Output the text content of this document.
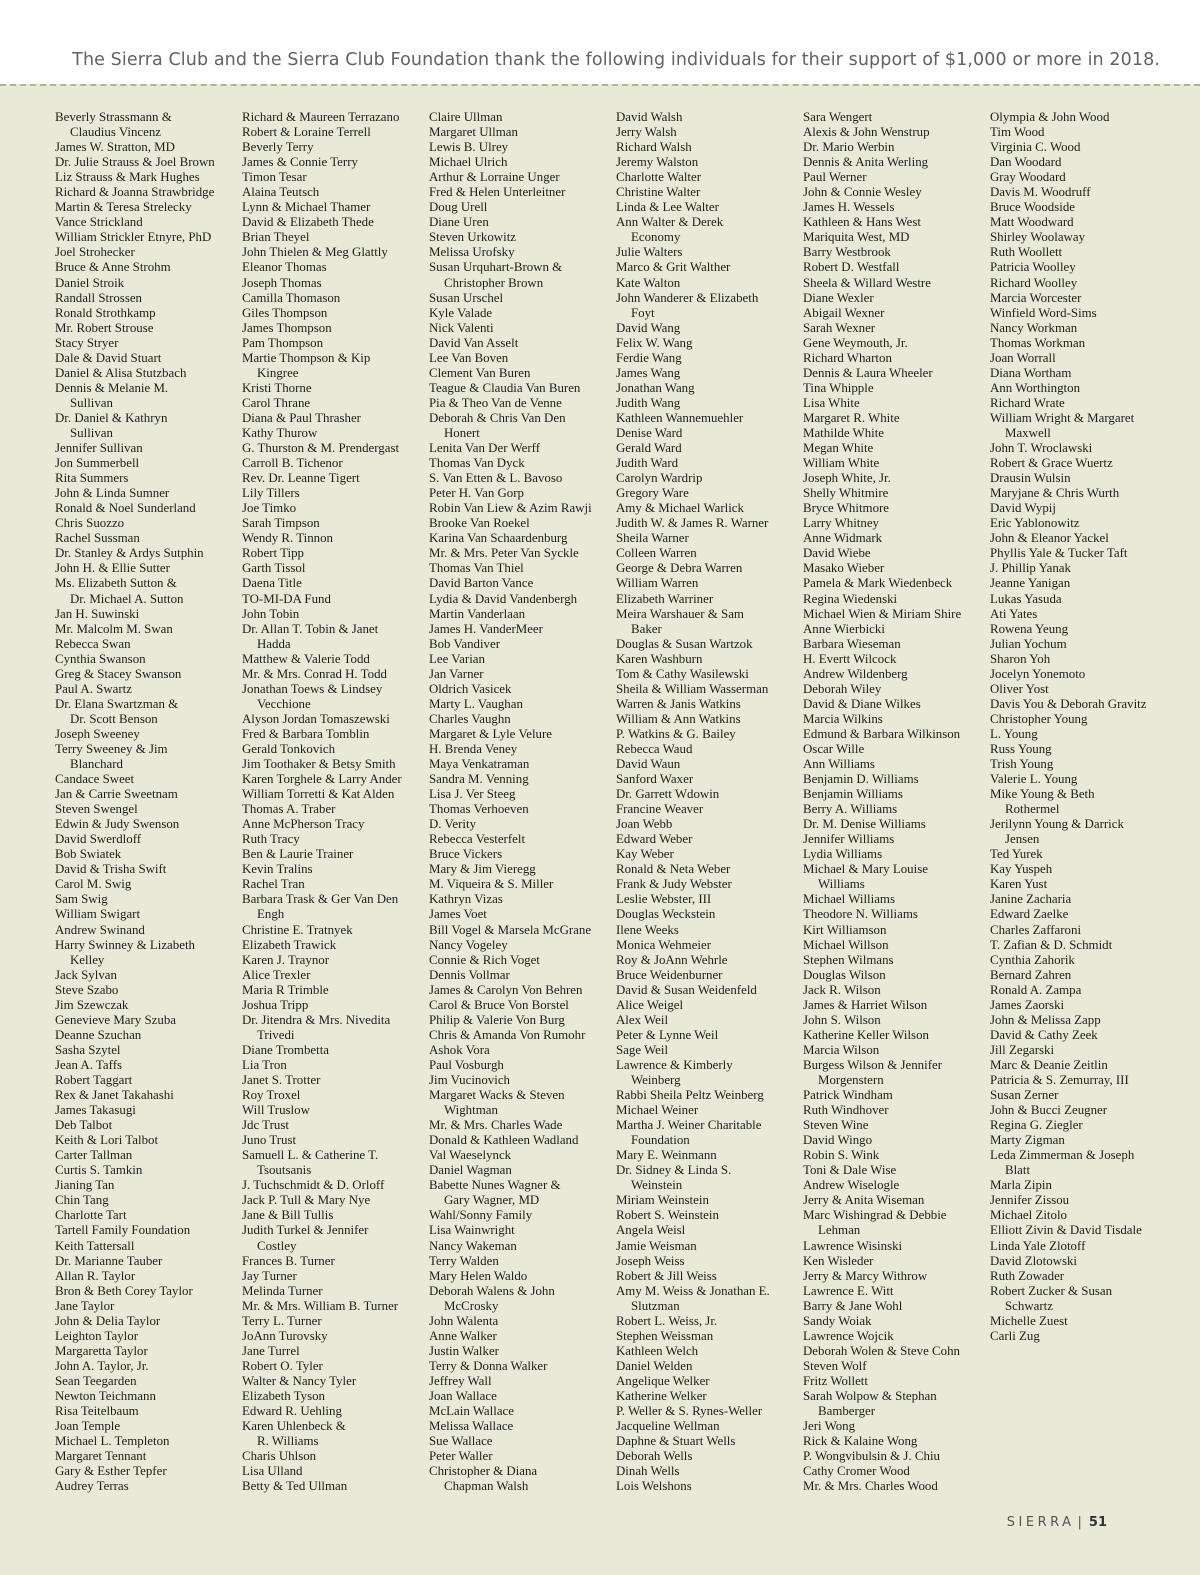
The Sierra Club and the Sierra Club Foundation thank the following individuals for their support of $1,000 or more in 2018.
Beverly Strassmann &
Claudius Vincenz
James W. Stratton, MD
Dr. Julie Strauss & Joel Brown
Liz Strauss & Mark Hughes
Richard & Joanna Strawbridge
Martin & Teresa Strelecky
Vance Strickland
William Strickler Etnyre, PhD
Joel Strohecker
Bruce & Anne Strohm
Daniel Stroik
Randall Strossen
Ronald Strothkamp
Mr. Robert Strouse
Stacy Stryer
Dale & David Stuart
Daniel & Alisa Stutzbach
Dennis & Melanie M.
Sullivan
Dr. Daniel & Kathryn
Sullivan
Jennifer Sullivan
Jon Summerbell
Rita Summers
John & Linda Sumner
Ronald & Noel Sunderland
Chris Suozzo
Rachel Sussman
Dr. Stanley & Ardys Sutphin
John H. & Ellie Sutter
Ms. Elizabeth Sutton &
Dr. Michael A. Sutton
Jan H. Suwinski
Mr. Malcolm M. Swan
Rebecca Swan
Cynthia Swanson
Greg & Stacey Swanson
Paul A. Swartz
Dr. Elana Swartzman &
Dr. Scott Benson
Joseph Sweeney
Terry Sweeney & Jim
Blanchard
Candace Sweet
Jan & Carrie Sweetnam
Steven Swengel
Edwin & Judy Swenson
David Swerdloff
Bob Swiatek
David & Trisha Swift
Carol M. Swig
Sam Swig
William Swigart
Andrew Swinand
Harry Swinney & Lizabeth
Kelley
Jack Sylvan
Steve Szabo
Jim Szewczak
Genevieve Mary Szuba
Deanne Szuchan
Sasha Szytel
Jean A. Taffs
Robert Taggart
Rex & Janet Takahashi
James Takasugi
Deb Talbot
Keith & Lori Talbot
Carter Tallman
Curtis S. Tamkin
Jianing Tan
Chin Tang
Charlotte Tart
Tartell Family Foundation
Keith Tattersall
Dr. Marianne Tauber
Allan R. Taylor
Bron & Beth Corey Taylor
Jane Taylor
John & Delia Taylor
Leighton Taylor
Margaretta Taylor
John A. Taylor, Jr.
Sean Teegarden
Newton Teichmann
Risa Teitelbaum
Joan Temple
Michael L. Templeton
Margaret Tennant
Gary & Esther Tepfer
Audrey Terras
Richard & Maureen Terrazano
Robert & Loraine Terrell
Beverly Terry
James & Connie Terry
Timon Tesar
Alaina Teutsch
Lynn & Michael Thamer
David & Elizabeth Thede
Brian Theyel
John Thielen & Meg Glattly
Eleanor Thomas
Joseph Thomas
Camilla Thomason
Giles Thompson
James Thompson
Pam Thompson
Martie Thompson & Kip
Kingree
Kristi Thorne
Carol Thrane
Diana & Paul Thrasher
Kathy Thurow
G. Thurston & M. Prendergast
Carroll B. Tichenor
Rev. Dr. Leanne Tigert
Lily Tillers
Joe Timko
Sarah Timpson
Wendy R. Tinnon
Robert Tipp
Garth Tissol
Daena Title
TO-MI-DA Fund
John Tobin
Dr. Allan T. Tobin & Janet
Hadda
Matthew & Valerie Todd
Mr. & Mrs. Conrad H. Todd
Jonathan Toews & Lindsey
Vecchione
Alyson Jordan Tomaszewski
Fred & Barbara Tomblin
Gerald Tonkovich
Jim Toothaker & Betsy Smith
Karen Torghele & Larry Ander
William Torretti & Kat Alden
Thomas A. Traber
Anne McPherson Tracy
Ruth Tracy
Ben & Laurie Trainer
Kevin Tralins
Rachel Tran
Barbara Trask & Ger Van Den
Engh
Christine E. Tratnyek
Elizabeth Trawick
Karen J. Traynor
Alice Trexler
Maria R Trimble
Joshua Tripp
Dr. Jitendra & Mrs. Nivedita
Trivedi
Diane Trombetta
Lia Tron
Janet S. Trotter
Roy Troxel
Will Truslow
Jdc Trust
Juno Trust
Samuell L. & Catherine T.
Tsoutsanis
J. Tuchschmidt & D. Orloff
Jack P. Tull & Mary Nye
Jane & Bill Tullis
Judith Turkel & Jennifer
Costley
Frances B. Turner
Jay Turner
Melinda Turner
Mr. & Mrs. William B. Turner
Terry L. Turner
JoAnn Turovsky
Jane Turrel
Robert O. Tyler
Walter & Nancy Tyler
Elizabeth Tyson
Edward R. Uehling
Karen Uhlenbeck &
R. Williams
Charis Uhlson
Lisa Ulland
Betty & Ted Ullman
Claire Ullman
Margaret Ullman
Lewis B. Ulrey
Michael Ulrich
Arthur & Lorraine Unger
Fred & Helen Unterleitner
Doug Urell
Diane Uren
Steven Urkowitz
Melissa Urofsky
Susan Urquhart-Brown &
Christopher Brown
Susan Urschel
Kyle Valade
Nick Valenti
David Van Asselt
Lee Van Boven
Clement Van Buren
Teague & Claudia Van Buren
Pia & Theo Van de Venne
Deborah & Chris Van Den
Honert
Lenita Van Der Werff
Thomas Van Dyck
S. Van Etten & L. Bavoso
Peter H. Van Gorp
Robin Van Liew & Azim Rawji
Brooke Van Roekel
Karina Van Schaardenburg
Mr. & Mrs. Peter Van Syckle
Thomas Van Thiel
David Barton Vance
Lydia & David Vandenbergh
Martin Vanderlaan
James H. VanderMeer
Bob Vandiver
Lee Varian
Jan Varner
Oldrich Vasicek
Marty L. Vaughan
Charles Vaughn
Margaret & Lyle Velure
H. Brenda Veney
Maya Venkatraman
Sandra M. Venning
Lisa J. Ver Steeg
Thomas Verhoeven
D. Verity
Rebecca Vesterfelt
Bruce Vickers
Mary & Jim Vieregg
M. Viqueira & S. Miller
Kathryn Vizas
James Voet
Bill Vogel & Marsela McGrane
Nancy Vogeley
Connie & Rich Voget
Dennis Vollmar
James & Carolyn Von Behren
Carol & Bruce Von Borstel
Philip & Valerie Von Burg
Chris & Amanda Von Rumohr
Ashok Vora
Paul Vosburgh
Jim Vucinovich
Margaret Wacks & Steven
Wightman
Mr. & Mrs. Charles Wade
Donald & Kathleen Wadland
Val Waeselynck
Daniel Wagman
Babette Nunes Wagner &
Gary Wagner, MD
Wahl/Sonny Family
Lisa Wainwright
Nancy Wakeman
Terry Walden
Mary Helen Waldo
Deborah Walens & John
McCrosky
John Walenta
Anne Walker
Justin Walker
Terry & Donna Walker
Jeffrey Wall
Joan Wallace
McLain Wallace
Melissa Wallace
Sue Wallace
Peter Waller
Christopher & Diana
Chapman Walsh
David Walsh
Jerry Walsh
Richard Walsh
Jeremy Walston
Charlotte Walter
Christine Walter
Linda & Lee Walter
Ann Walter & Derek
Economy
Julie Walters
Marco & Grit Walther
Kate Walton
John Wanderer & Elizabeth
Foyt
David Wang
Felix W. Wang
Ferdie Wang
James Wang
Jonathan Wang
Judith Wang
Kathleen Wannemuehler
Denise Ward
Gerald Ward
Judith Ward
Carolyn Wardrip
Gregory Ware
Amy & Michael Warlick
Judith W. & James R. Warner
Sheila Warner
Colleen Warren
George & Debra Warren
William Warren
Elizabeth Warriner
Meira Warshauer & Sam
Baker
Douglas & Susan Wartzok
Karen Washburn
Tom & Cathy Wasilewski
Sheila & William Wasserman
Warren & Janis Watkins
William & Ann Watkins
P. Watkins & G. Bailey
Rebecca Waud
David Waun
Sanford Waxer
Dr. Garrett Wdowin
Francine Weaver
Joan Webb
Edward Weber
Kay Weber
Ronald & Neta Weber
Frank & Judy Webster
Leslie Webster, III
Douglas Weckstein
Ilene Weeks
Monica Wehmeier
Roy & JoAnn Wehrle
Bruce Weidenburner
David & Susan Weidenfeld
Alice Weigel
Alex Weil
Peter & Lynne Weil
Sage Weil
Lawrence & Kimberly
Weinberg
Rabbi Sheila Peltz Weinberg
Michael Weiner
Martha J. Weiner Charitable
Foundation
Mary E. Weinmann
Dr. Sidney & Linda S.
Weinstein
Miriam Weinstein
Robert S. Weinstein
Angela Weisl
Jamie Weisman
Joseph Weiss
Robert & Jill Weiss
Amy M. Weiss & Jonathan E.
Slutzman
Robert L. Weiss, Jr.
Stephen Weissman
Kathleen Welch
Daniel Welden
Angelique Welker
Katherine Welker
P. Weller & S. Rynes-Weller
Jacqueline Wellman
Daphne & Stuart Wells
Deborah Wells
Dinah Wells
Lois Welshons
Sara Wengert
Alexis & John Wenstrup
Dr. Mario Werbin
Dennis & Anita Werling
Paul Werner
John & Connie Wesley
James H. Wessels
Kathleen & Hans West
Mariquita West, MD
Barry Westbrook
Robert D. Westfall
Sheela & Willard Westre
Diane Wexler
Abigail Wexner
Sarah Wexner
Gene Weymouth, Jr.
Richard Wharton
Dennis & Laura Wheeler
Tina Whipple
Lisa White
Margaret R. White
Mathilde White
Megan White
William White
Joseph White, Jr.
Shelly Whitmire
Bryce Whitmore
Larry Whitney
Anne Widmark
David Wiebe
Masako Wieber
Pamela & Mark Wiedenbeck
Regina Wiedenski
Michael Wien & Miriam Shire
Anne Wierbicki
Barbara Wieseman
H. Evertt Wilcock
Andrew Wildenberg
Deborah Wiley
David & Diane Wilkes
Marcia Wilkins
Edmund & Barbara Wilkinson
Oscar Wille
Ann Williams
Benjamin D. Williams
Benjamin Williams
Berry A. Williams
Dr. M. Denise Williams
Jennifer Williams
Lydia Williams
Michael & Mary Louise
Williams
Michael Williams
Theodore N. Williams
Kirt Williamson
Michael Willson
Stephen Wilmans
Douglas Wilson
Jack R. Wilson
James & Harriet Wilson
John S. Wilson
Katherine Keller Wilson
Marcia Wilson
Burgess Wilson & Jennifer
Morgenstern
Patrick Windham
Ruth Windhover
Steven Wine
David Wingo
Robin S. Wink
Toni & Dale Wise
Andrew Wiselogle
Jerry & Anita Wiseman
Marc Wishingrad & Debbie
Lehman
Lawrence Wisinski
Ken Wisleder
Jerry & Marcy Withrow
Lawrence E. Witt
Barry & Jane Wohl
Sandy Woiak
Lawrence Wojcik
Deborah Wolen & Steve Cohn
Steven Wolf
Fritz Wollett
Sarah Wolpow & Stephan
Bamberger
Jeri Wong
Rick & Kalaine Wong
P. Wongvibulsin & J. Chiu
Cathy Cromer Wood
Mr. & Mrs. Charles Wood
Olympia & John Wood
Tim Wood
Virginia C. Wood
Dan Woodard
Gray Woodard
Davis M. Woodruff
Bruce Woodside
Matt Woodward
Shirley Woolaway
Ruth Woollett
Patricia Woolley
Richard Woolley
Marcia Worcester
Winfield Word-Sims
Nancy Workman
Thomas Workman
Joan Worrall
Diana Wortham
Ann Worthington
Richard Wrate
William Wright & Margaret
Maxwell
John T. Wroclawski
Robert & Grace Wuertz
Drausin Wulsin
Maryjane & Chris Wurth
David Wypij
Eric Yablonowitz
John & Eleanor Yackel
Phyllis Yale & Tucker Taft
J. Phillip Yanak
Jeanne Yanigan
Lukas Yasuda
Ati Yates
Rowena Yeung
Julian Yochum
Sharon Yoh
Jocelyn Yonemoto
Oliver Yost
Davis You & Deborah Gravitz
Christopher Young
L. Young
Russ Young
Trish Young
Valerie L. Young
Mike Young & Beth
Rothermel
Jerilynn Young & Darrick
Jensen
Ted Yurek
Kay Yuspeh
Karen Yust
Janine Zacharia
Edward Zaelke
Charles Zaffaroni
T. Zafian & D. Schmidt
Cynthia Zahorik
Bernard Zahren
Ronald A. Zampa
James Zaorski
John & Melissa Zapp
David & Cathy Zeek
Jill Zegarski
Marc & Deanie Zeitlin
Patricia & S. Zemurray, III
Susan Zerner
John & Bucci Zeugner
Regina G. Ziegler
Marty Zigman
Leda Zimmerman & Joseph
Blatt
Marla Zipin
Jennifer Zissou
Michael Zitolo
Elliott Zivin & David Tisdale
Linda Yale Zlotoff
David Zlotowski
Ruth Zowader
Robert Zucker & Susan
Schwartz
Michelle Zuest
Carli Zug
SIERRA | 51
